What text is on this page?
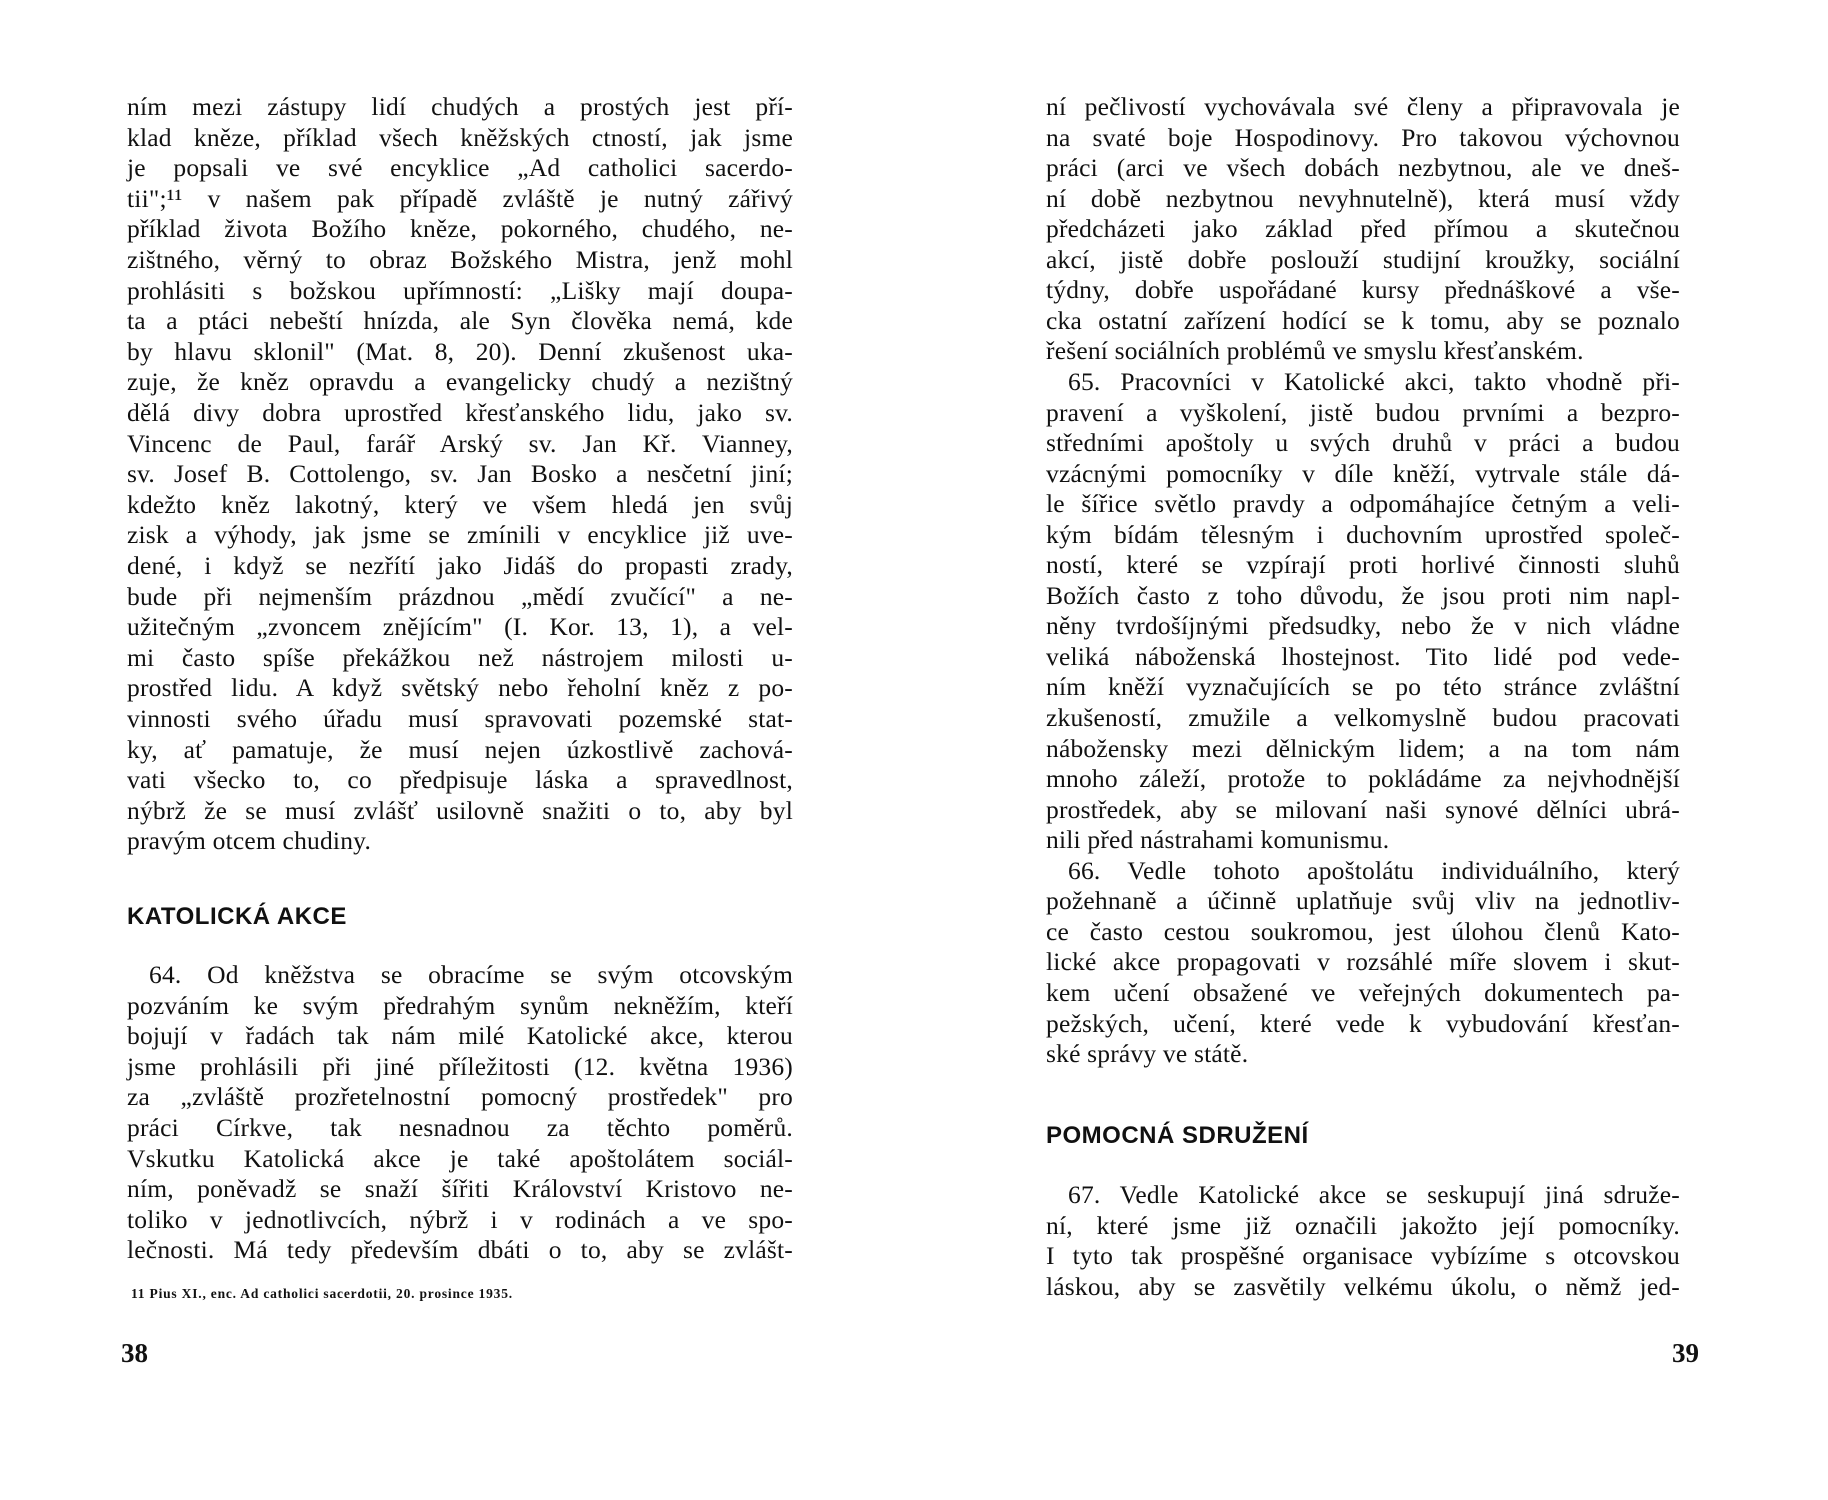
KATOLICKÁ AKCE
11 Pius XI., enc. Ad catholici sacerdotii, 20. prosince 1935.
38
ním mezi zástupy lidí chudých a prostých jest pří-
klad kněze, příklad všech kněžských ctností, jak jsme
je popsali ve své encyklice „Ad catholici sacerdo-
tii";¹¹ v našem pak případě zvláště je nutný zářivý
příklad života Božího kněze, pokorného, chudého, ne-
zištného, věrný to obraz Božského Mistra, jenž mohl
prohlásiti s božskou upřímností: „Lišky mají doupa-
ta a ptáci nebeští hnízda, ale Syn člověka nemá, kde
by hlavu sklonil" (Mat. 8, 20). Denní zkušenost ukа-
zuje, že kněz opravdu a evangelicky chudý a nezištný
dělá divy dobra uprostřed křesťanského lidu, jako sv.
Vincenc de Paul, farář Arský sv. Jan Kř. Vianney,
sv. Josef B. Cottolengo, sv. Jan Bosko a nesčetní jiní;
kdežto kněz lakotný, který ve všem hledá jen svůj
zisk a výhody, jak jsme se zmínili v encyklice již uve-
dené, i když se nezřítí jako Jidáš do propasti zrady,
bude při nejmenším prázdnou „mědí zvučící" a ne-
užitečným „zvoncem znějícím" (I. Kor. 13, 1), a vel-
mi často spíše překážkou než nástrojem milosti u-
prostřed lidu. A když světský nebo řeholní kněz z po-
vinnosti svého úřadu musí spravovati pozemské stat-
ky, ať pamatuje, že musí nejen úzkostlivě zachová-
vati všecko to, co předpisuje láska a spravedlnost,
nýbrž že se musí zvlášť usilovně snažiti o to, aby byl
pravým otcem chudiny.
64. Od kněžstva se obracíme se svým otcovským
pozváním ke svým předrahým synům nekněžím, kteří
bojují v řadách tak nám milé Katolické akce, kterou
jsme prohlásili při jiné příležitosti (12. května 1936)
za „zvláště prozřetelnostní pomocný prostředek" pro
práci Církve, tak nesnadnou za těchto poměrů.
Vskutku Katolická akce je také apoštolátem sociál-
ním, poněvadž se snaží šířiti Království Kristovo ne-
toliko v jednotlivcích, nýbrž i v rodinách a ve spo-
lečnosti. Má tedy především dbáti o to, aby se zvlášt-
POMOCNÁ SDRUŽENÍ
39
ní pečlivostí vychovávala své členy a připravovala je
na svaté boje Hospodinovy. Pro takovou výchovnou
práci (arci ve všech dobách nezbytnou, ale ve dneš-
ní době nezbytnou nevyhnutelně), která musí vždy
předcházeti jako základ před přímou a skutečnou
akcí, jistě dobře poslouží studijní kroužky, sociální
týdny, dobře uspořádané kursy přednáškové a vše-
cka ostatní zařízení hodící se k tomu, aby se poznalo
řešení sociálních problémů ve smyslu křesťanském.
65. Pracovníci v Katolické akci, takto vhodně při-
pravení a vyškolení, jistě budou prvními a bezpro-
středními apoštoly u svých druhů v práci a budou
vzácnými pomocníky v díle kněží, vytrvale stále dá-
le šířice světlo pravdy a odpomáhajíce četným a veli-
kým bídám tělesným i duchovním uprostřed společ-
ností, které se vzpírají proti horlivé činnosti sluhů
Božích často z toho důvodu, že jsou proti nim napl-
něny tvrdošíjnými předsudky, nebo že v nich vládne
veliká náboženská lhostejnost. Tito lidé pod vede-
ním kněží vyznačujících se po této stránce zvláštní
zkušeností, zmužile a velkomyslně budou pracovati
nábožensky mezi dělnickým lidem; a na tom nám
mnoho záleží, protože to pokládáme za nejvhodnější
prostředek, aby se milovaní naši synové dělníci ubrá-
nili před nástrahami komunismu.
66. Vedle tohoto apoštolátu individuálního, který
požehnaně a účinně uplatňuje svůj vliv na jednotliv-
ce často cestou soukromou, jest úlohou členů Kato-
lické akce propagovati v rozsáhlé míře slovem i skut-
kem učení obsažené ve veřejných dokumentech pa-
pežských, učení, které vede k vybudování křesťan-
ské správy ve státě.
67. Vedle Katolické akce se seskupují jiná sdruže-
ní, které jsme již označili jakožto její pomocníky.
I tyto tak prospěšné organisace vybízíme s otcovskou
láskou, aby se zasvětily velkému úkolu, o němž jed-
